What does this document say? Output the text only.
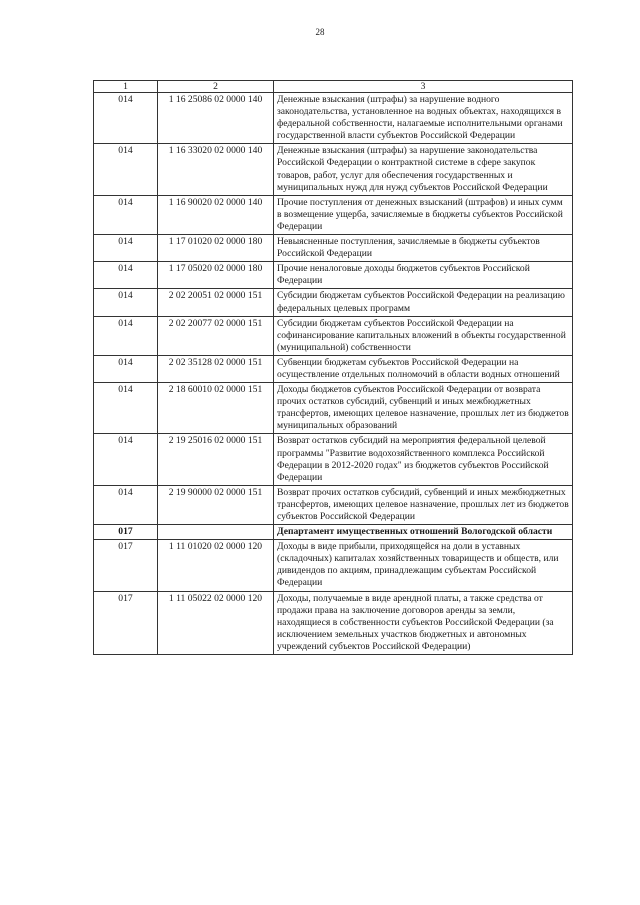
28
1	2	3
014	1 16 25086 02 0000 140	Денежные взыскания (штрафы) за нарушение водного законодательства, установленное на водных объектах, находящихся в федеральной собственности, налагаемые исполнительными органами государственной власти субъектов Российской Федерации
014	1 16 33020 02 0000 140	Денежные взыскания (штрафы) за нарушение законодательства Российской Федерации о контрактной системе в сфере закупок товаров, работ, услуг для обеспечения государственных и муниципальных нужд для нужд субъектов Российской Федерации
014	1 16 90020 02 0000 140	Прочие поступления от денежных взысканий (штрафов) и иных сумм в возмещение ущерба, зачисляемые в бюджеты субъектов Российской Федерации
014	1 17 01020 02 0000 180	Невыясненные поступления, зачисляемые в бюджеты субъектов Российской Федерации
014	1 17 05020 02 0000 180	Прочие неналоговые доходы бюджетов субъектов Российской Федерации
014	2 02 20051 02 0000 151	Субсидии бюджетам субъектов Российской Федерации на реализацию федеральных целевых программ
014	2 02 20077 02 0000 151	Субсидии бюджетам субъектов Российской Федерации на софинансирование капитальных вложений в объекты государственной (муниципальной) собственности
014	2 02 35128 02 0000 151	Субвенции бюджетам субъектов Российской Федерации на осуществление отдельных полномочий в области водных отношений
014	2 18 60010 02 0000 151	Доходы бюджетов субъектов Российской Федерации от возврата прочих остатков субсидий, субвенций и иных межбюджетных трансфертов, имеющих целевое назначение, прошлых лет из бюджетов муниципальных образований
014	2 19 25016 02 0000 151	Возврат остатков субсидий на мероприятия федеральной целевой программы "Развитие водохозяйственного комплекса Российской Федерации в 2012-2020 годах" из бюджетов субъектов Российской Федерации
014	2 19 90000 02 0000 151	Возврат прочих остатков субсидий, субвенций и иных межбюджетных трансфертов, имеющих целевое назначение, прошлых лет из бюджетов субъектов Российской Федерации
017		Департамент имущественных отношений Вологодской области
017	1 11 01020 02 0000 120	Доходы в виде прибыли, приходящейся на доли в уставных (складочных) капиталах хозяйственных товариществ и обществ, или дивидендов по акциям, принадлежащим субъектам Российской Федерации
017	1 11 05022 02 0000 120	Доходы, получаемые в виде арендной платы, а также средства от продажи права на заключение договоров аренды за земли, находящиеся в собственности субъектов Российской Федерации (за исключением земельных участков бюджетных и автономных учреждений субъектов Российской Федерации)
